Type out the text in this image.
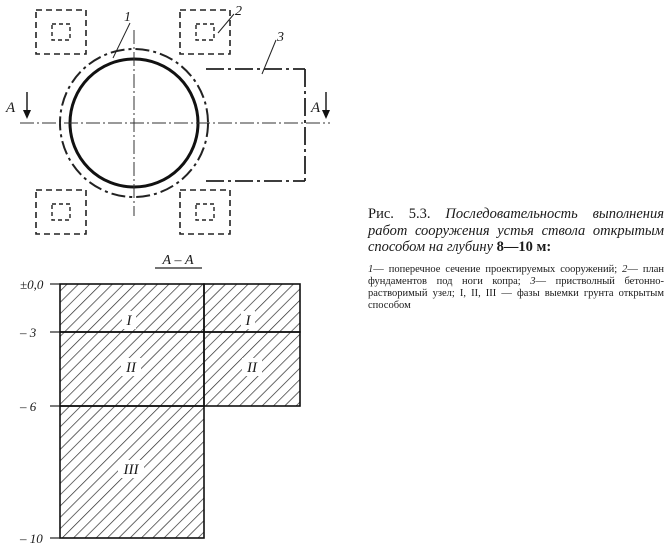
А	А
1	2
3
А – А
I	I
II	II
III
±0,0
– 3
– 6
– 10

Рис. 5.3. Последовательность выполнения работ сооружения устья ствола открытым способом на глубину 8—10 м:

1— поперечное сечение проектируемых сооружений; 2— план фундаментов под ноги копра; 3— пристволный бетонно-растворимый узел; I, II, III — фазы выемки грунта открытым способом
